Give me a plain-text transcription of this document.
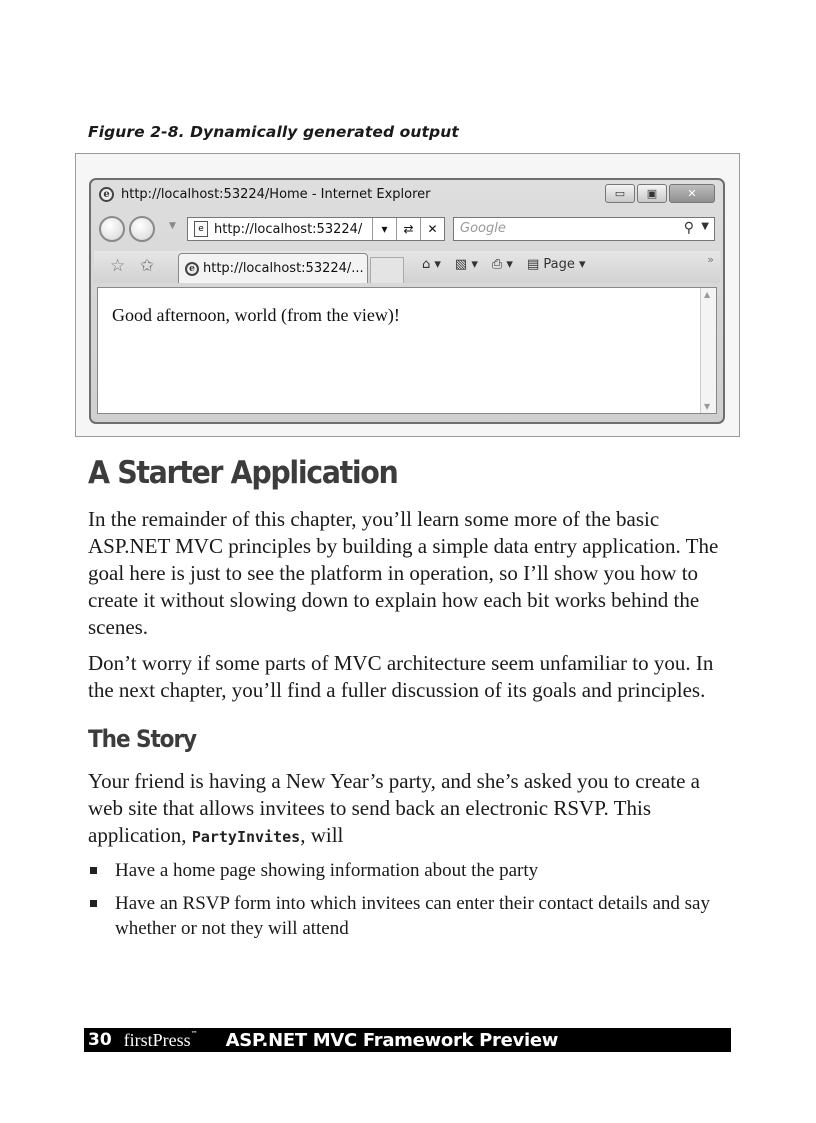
Figure 2-8. Dynamically generated output
e http://localhost:53224/Home - Internet Explorer	▭	▣	✕
▼	e http://localhost:53224/	▾	⇄	✕	Google	⚲ ▼
☆ ✩	e http://localhost:53224/...	⌂ ▾ ▧ ▾ ⎙ ▾ ▤ Page ▾	»
Good afternoon, world (from the view)!
▲
▼
A Starter Application

In the remainder of this chapter, you’ll learn some more of the basic ASP.NET MVC principles by building a simple data entry application. The goal here is just to see the platform in operation, so I’ll show you how to create it without slowing down to explain how each bit works behind the scenes.

Don’t worry if some parts of MVC architecture seem unfamiliar to you. In the next chapter, you’ll find a fuller discussion of its goals and principles.

The Story

Your friend is having a New Year’s party, and she’s asked you to create a web site that allows invitees to send back an electronic RSVP. This application, PartyInvites, will

Have a home page showing information about the party
Have an RSVP form into which invitees can enter their contact details and say whether or not they will attend
30 firstPress™ ASP.NET MVC Framework Preview
